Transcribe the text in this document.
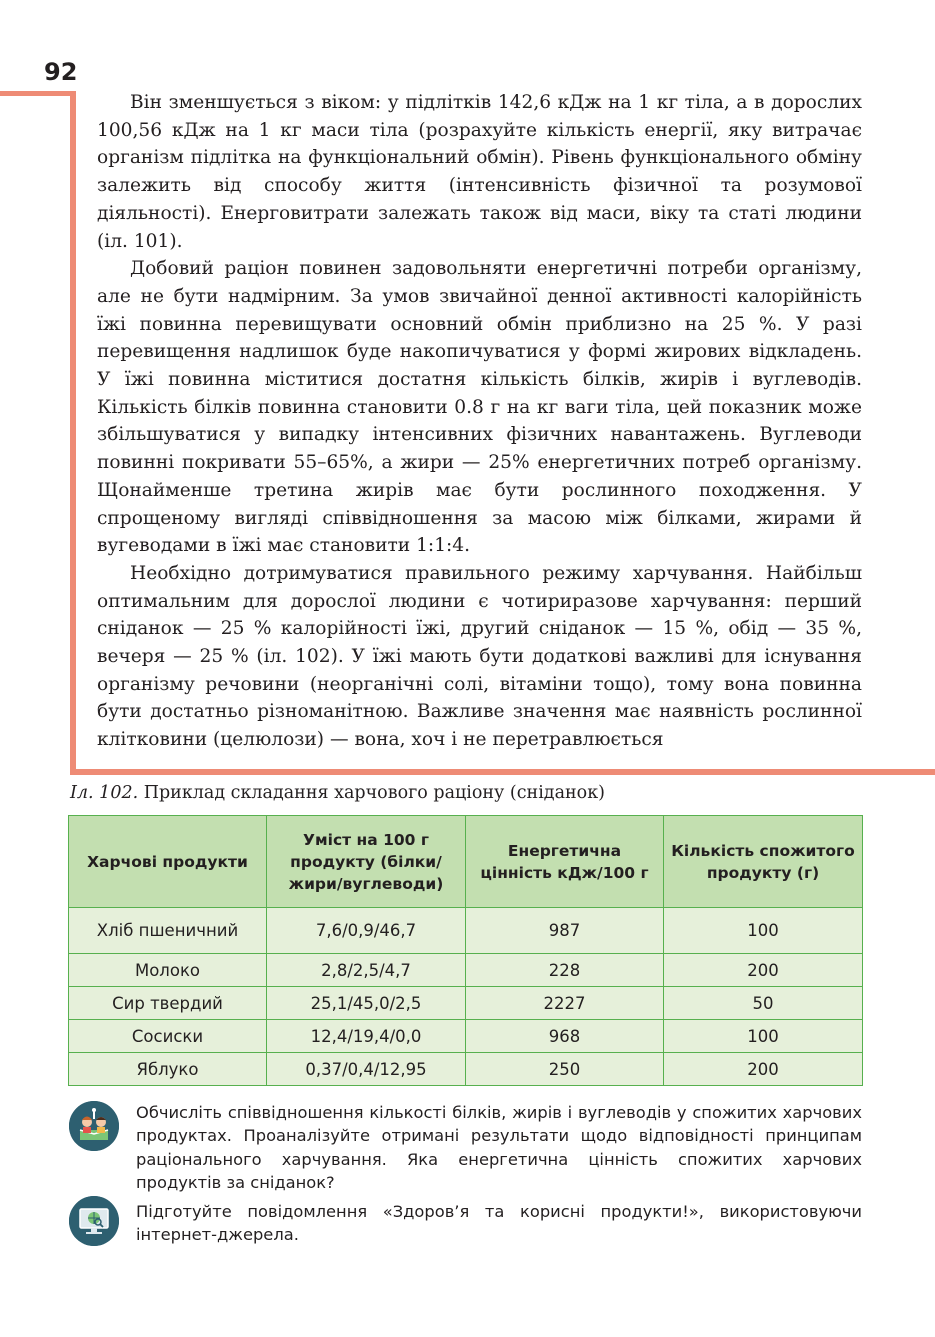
92

Він зменшується з віком: у підлітків 142,6 кДж на 1 кг тіла, а в дорослих 100,56 кДж на 1 кг маси тіла (розрахуйте кількість енергії, яку витрачає організм підлітка на функціональний обмін). Рівень функціонального обміну залежить від способу життя (інтенсивність фізичної та розумової діяльності). Енерговитрати залежать також від маси, віку та статі людини (іл. 101).

Добовий раціон повинен задовольняти енергетичні потреби організму, але не бути надмірним. За умов звичайної денної активності калорійність їжі повинна перевищувати основний обмін приблизно на 25 %. У разі перевищення надлишок буде накопичуватися у формі жирових відкладень. У їжі повинна міститися достатня кількість білків, жирів і вуглеводів. Кількість білків повинна становити 0.8 г на кг ваги тіла, цей показник може збільшуватися у випадку інтенсивних фізичних навантажень. Вуглеводи повинні покривати 55–65%, а жири — 25% енергетичних потреб організму. Щонайменше третина жирів має бути рослинного походження. У спрощеному вигляді співвідношення за масою між білками, жирами й вугеводами в їжі має становити 1:1:4.

Необхідно дотримуватися правильного режиму харчування. Найбільш оптимальним для дорослої людини є чотириразове харчування: перший сніданок — 25 % калорійності їжі, другий сніданок — 15 %, обід — 35 %, вечеря — 25 % (іл. 102). У їжі мають бути додаткові важливі для існування організму речовини (неорганічні солі, вітаміни тощо), тому вона повинна бути достатньо різноманітною. Важливе значення має наявність рослинної клітковини (целюлози) — вона, хоч і не перетравлюється

Іл. 102. Приклад складання харчового раціону (сніданок)
Харчові продукти	Уміст на 100 г продукту (білки/жири/вуглеводи)	Енергетична цінність кДж/100 г	Кількість спожитого продукту (г)
Хліб пшеничний	7,6/0,9/46,7	987	100
Молоко	2,8/2,5/4,7	228	200
Сир твердий	25,1/45,0/2,5	2227	50
Сосиски	12,4/19,4/0,0	968	100
Яблуко	0,37/0,4/12,95	250	200
Обчисліть співвідношення кількості білків, жирів і вуглеводів у спожитих харчових продуктах. Проаналізуйте отримані результати щодо відповідності принципам раціонального харчування. Яка енергетична цінність спожитих харчових продуктів за сніданок?
Підготуйте повідомлення «Здоров’я та корисні продукти!», використовуючи інтернет-джерела.
